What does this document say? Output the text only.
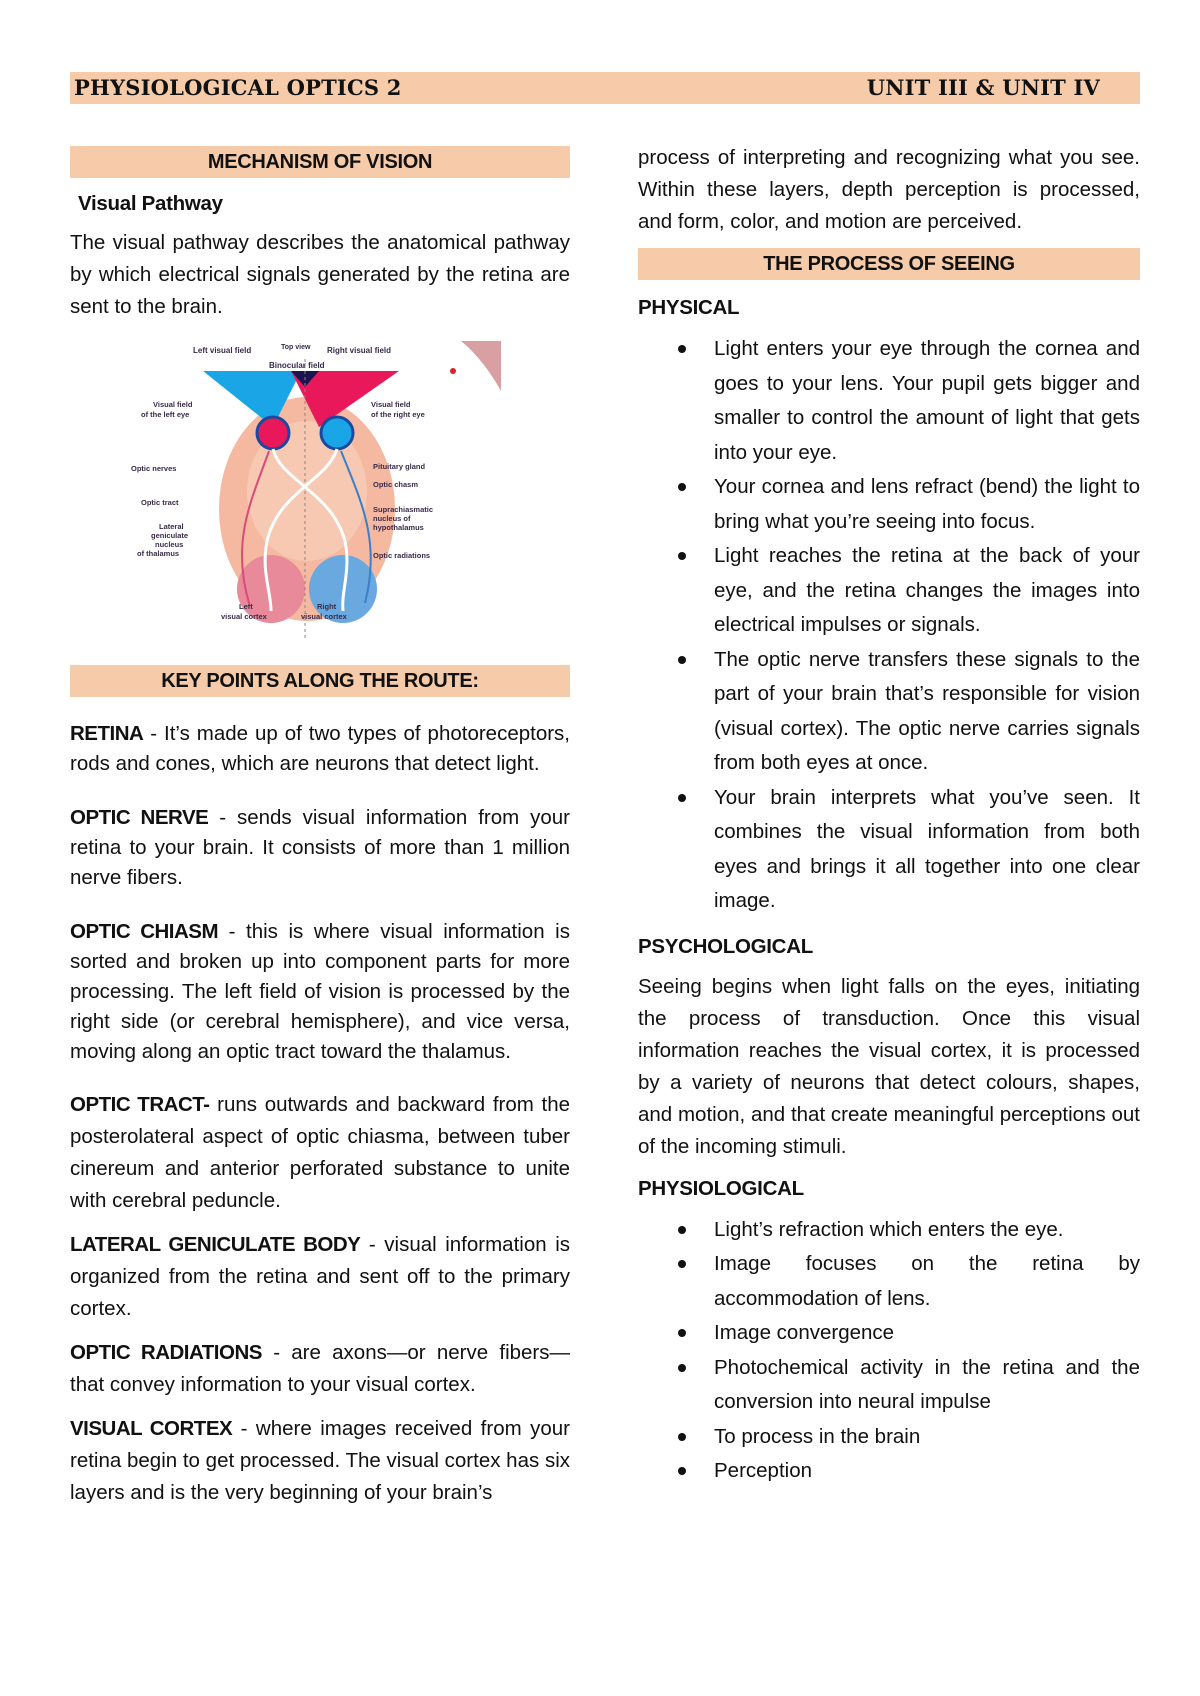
PHYSIOLOGICAL OPTICS 2	UNIT III & UNIT IV
MECHANISM OF VISION
Visual Pathway

The visual pathway describes the anatomical pathway by which electrical signals generated by the retina are sent to the brain.

Left visual field	Top view Right visual field
Binocular field
Visual field
of the left eye
Visual field
of the right eye
Optic nerves	Pituitary gland
Optic chasm
Optic tract
Suprachiasmatic
nucleus of
hypothalamus
Lateral
geniculate
nucleus
of thalamus	Optic radiations
Left
visual cortex
Right
visual cortex
KEY POINTS ALONG THE ROUTE:

RETINA - It’s made up of two types of photoreceptors, rods and cones, which are neurons that detect light.

OPTIC NERVE - sends visual information from your retina to your brain. It consists of more than 1 million nerve fibers.

OPTIC CHIASM - this is where visual information is sorted and broken up into component parts for more processing. The left field of vision is processed by the right side (or cerebral hemisphere), and vice versa, moving along an optic tract toward the thalamus.

OPTIC TRACT- runs outwards and backward from the posterolateral aspect of optic chiasma, between tuber cinereum and anterior perforated substance to unite with cerebral peduncle.

LATERAL GENICULATE BODY - visual information is organized from the retina and sent off to the primary cortex.

OPTIC RADIATIONS - are axons—or nerve fibers—that convey information to your visual cortex.

VISUAL CORTEX - where images received from your retina begin to get processed. The visual cortex has six layers and is the very beginning of your brain’s

process of interpreting and recognizing what you see. Within these layers, depth perception is processed, and form, color, and motion are perceived.

THE PROCESS OF SEEING
PHYSICAL
Light enters your eye through the cornea and goes to your lens. Your pupil gets bigger and smaller to control the amount of light that gets into your eye.
Your cornea and lens refract (bend) the light to bring what you’re seeing into focus.
Light reaches the retina at the back of your eye, and the retina changes the images into electrical impulses or signals.
The optic nerve transfers these signals to the part of your brain that’s responsible for vision (visual cortex). The optic nerve carries signals from both eyes at once.
Your brain interprets what you’ve seen. It combines the visual information from both eyes and brings it all together into one clear image.
PSYCHOLOGICAL

Seeing begins when light falls on the eyes, initiating the process of transduction. Once this visual information reaches the visual cortex, it is processed by a variety of neurons that detect colours, shapes, and motion, and that create meaningful perceptions out of the incoming stimuli.

PHYSIOLOGICAL
Light’s refraction which enters the eye.
Image focuses on the retina by accommodation of lens.
Image convergence
Photochemical activity in the retina and the conversion into neural impulse
To process in the brain
Perception
